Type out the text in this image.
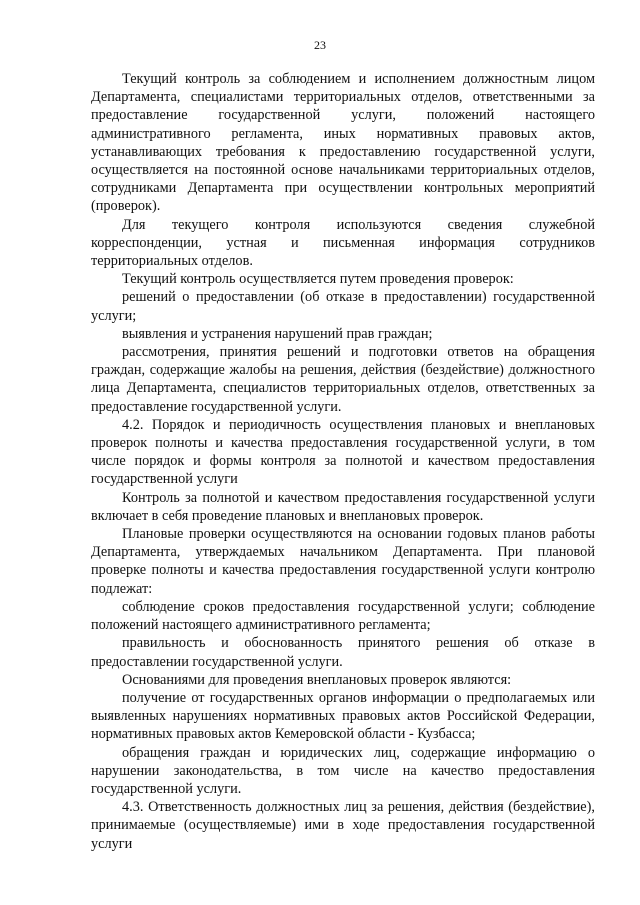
23

Текущий контроль за соблюдением и исполнением должностным лицом Департамента, специалистами территориальных отделов, ответственными за предоставление государственной услуги, положений настоящего административного регламента, иных нормативных правовых актов, устанавливающих требования к предоставлению государственной услуги, осуществляется на постоянной основе начальниками территориальных отделов, сотрудниками Департамента при осуществлении контрольных мероприятий (проверок).

Для текущего контроля используются сведения служебной корреспонденции, устная и письменная информация сотрудников территориальных отделов.

Текущий контроль осуществляется путем проведения проверок:

решений о предоставлении (об отказе в предоставлении) государственной услуги;

выявления и устранения нарушений прав граждан;

рассмотрения, принятия решений и подготовки ответов на обращения граждан, содержащие жалобы на решения, действия (бездействие) должностного лица Департамента, специалистов территориальных отделов, ответственных за предоставление государственной услуги.

4.2. Порядок и периодичность осуществления плановых и внеплановых проверок полноты и качества предоставления государственной услуги, в том числе порядок и формы контроля за полнотой и качеством предоставления государственной услуги

Контроль за полнотой и качеством предоставления государственной услуги включает в себя проведение плановых и внеплановых проверок.

Плановые проверки осуществляются на основании годовых планов работы Департамента, утверждаемых начальником Департамента. При плановой проверке полноты и качества предоставления государственной услуги контролю подлежат:

соблюдение сроков предоставления государственной услуги; соблюдение положений настоящего административного регламента;

правильность и обоснованность принятого решения об отказе в предоставлении государственной услуги.

Основаниями для проведения внеплановых проверок являются:

получение от государственных органов информации о предполагаемых или выявленных нарушениях нормативных правовых актов Российской Федерации, нормативных правовых актов Кемеровской области - Кузбасса;

обращения граждан и юридических лиц, содержащие информацию о нарушении законодательства, в том числе на качество предоставления государственной услуги.

4.3. Ответственность должностных лиц за решения, действия (бездействие), принимаемые (осуществляемые) ими в ходе предоставления государственной услуги
